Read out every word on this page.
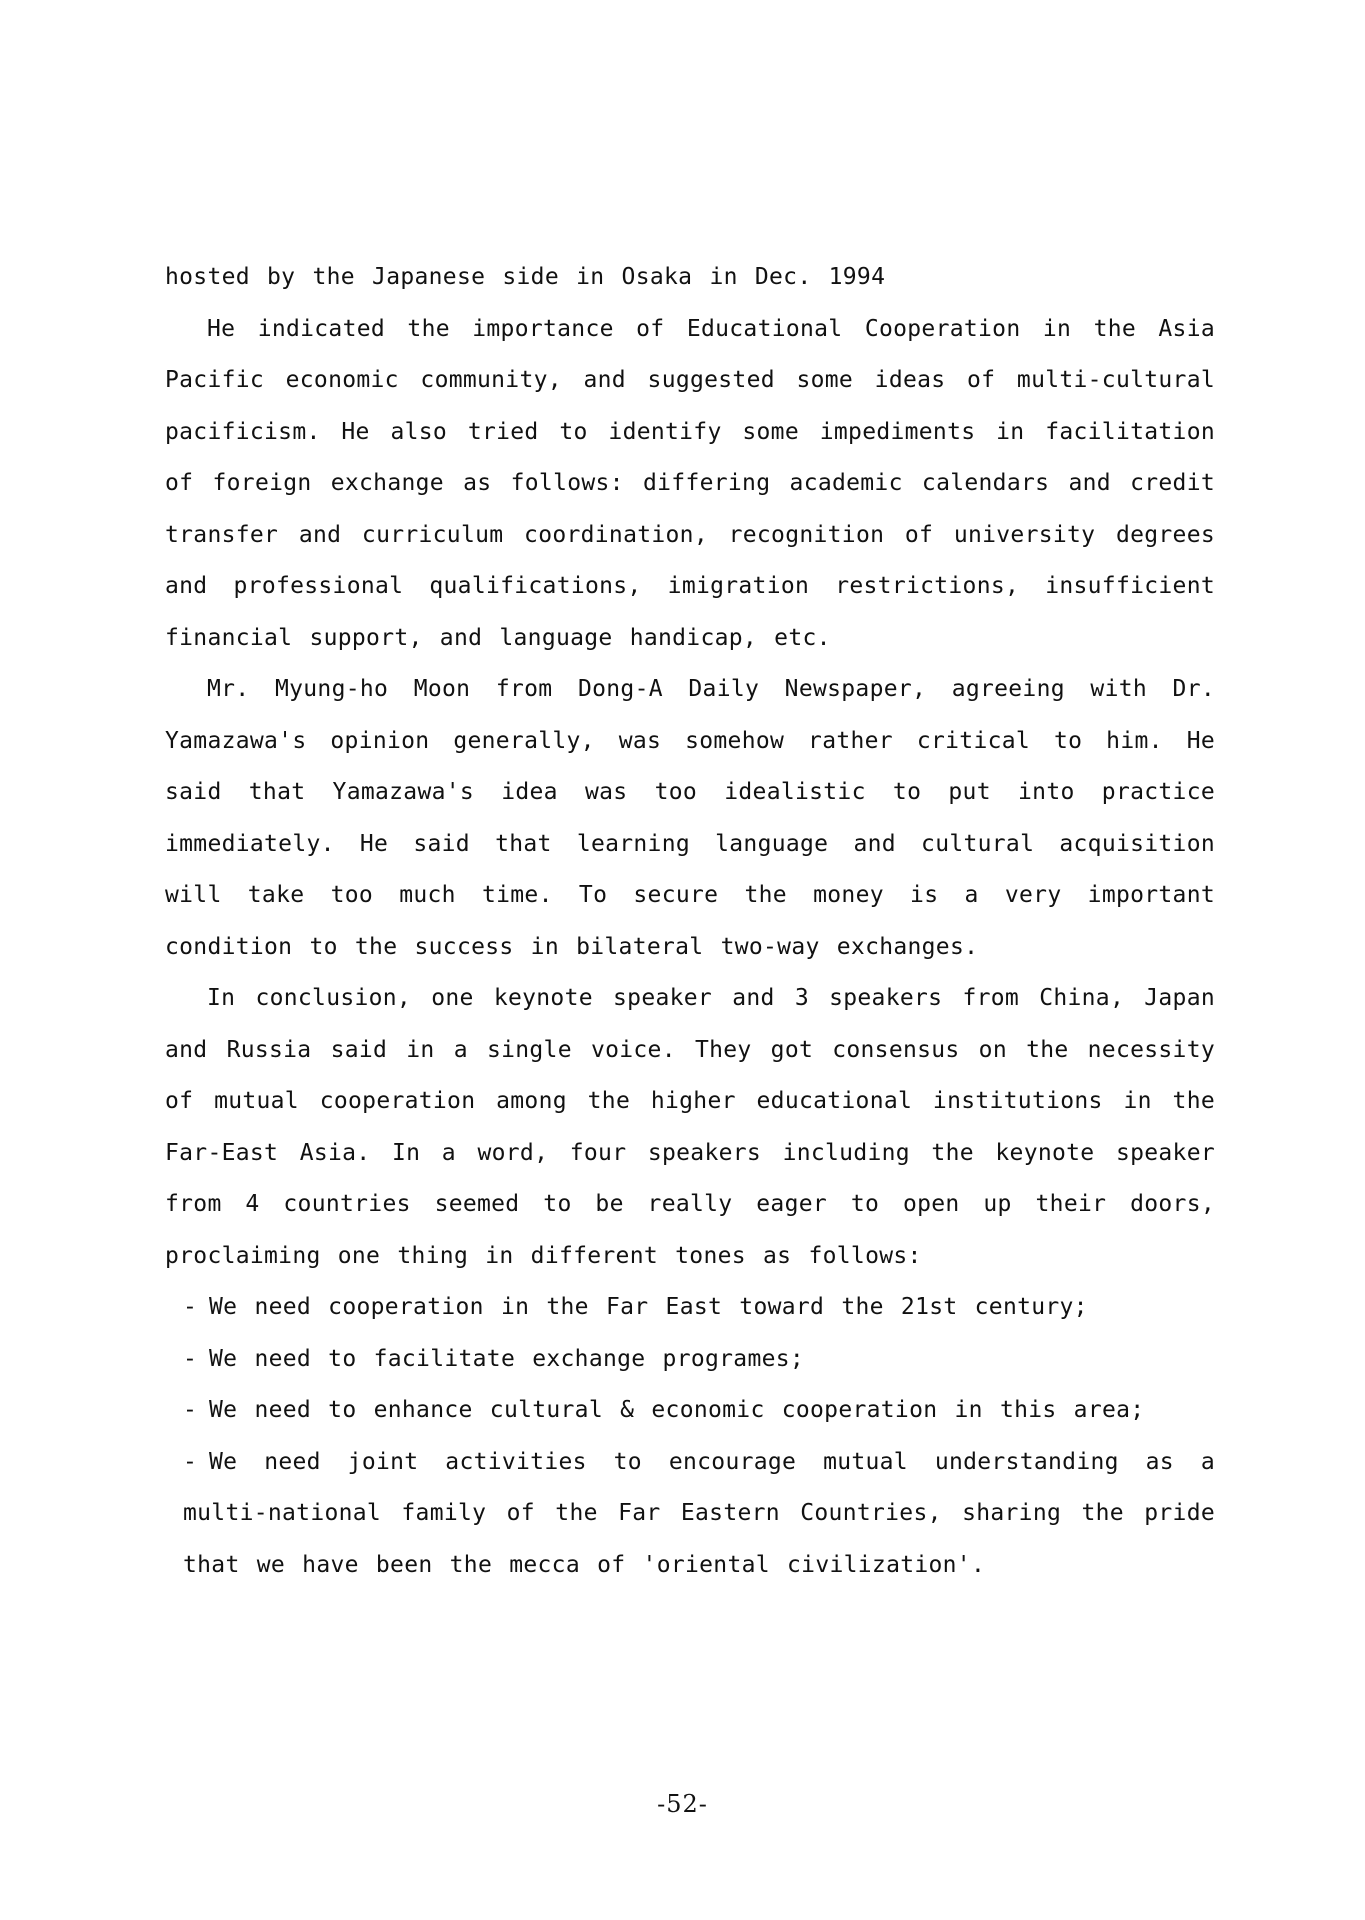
hosted by the Japanese side in Osaka in Dec. 1994

He indicated the importance of Educational Cooperation in the Asia Pacific economic community, and suggested some ideas of multi-cultural pacificism. He also tried to identify some impediments in facilitation of foreign exchange as follows: differing academic calendars and credit transfer and curriculum coordination, recognition of university degrees and professional qualifications, imigration restrictions, insufficient financial support, and language handicap, etc.

Mr. Myung-ho Moon from Dong-A Daily Newspaper, agreeing with Dr. Yamazawa's opinion generally, was somehow rather critical to him. He said that Yamazawa's idea was too idealistic to put into practice immediately. He said that learning language and cultural acquisition will take too much time. To secure the money is a very important condition to the success in bilateral two-way exchanges.

In conclusion, one keynote speaker and 3 speakers from China, Japan and Russia said in a single voice. They got consensus on the necessity of mutual cooperation among the higher educational institutions in the Far-East Asia. In a word, four speakers including the keynote speaker from 4 countries seemed to be really eager to open up their doors, proclaiming one thing in different tones as follows:

- We need cooperation in the Far East toward the 21st century;
- We need to facilitate exchange programes;
- We need to enhance cultural & economic cooperation in this area;
- We need joint activities to encourage mutual understanding as a multi-national family of the Far Eastern Countries, sharing the pride that we have been the mecca of 'oriental civilization'.
-52-
